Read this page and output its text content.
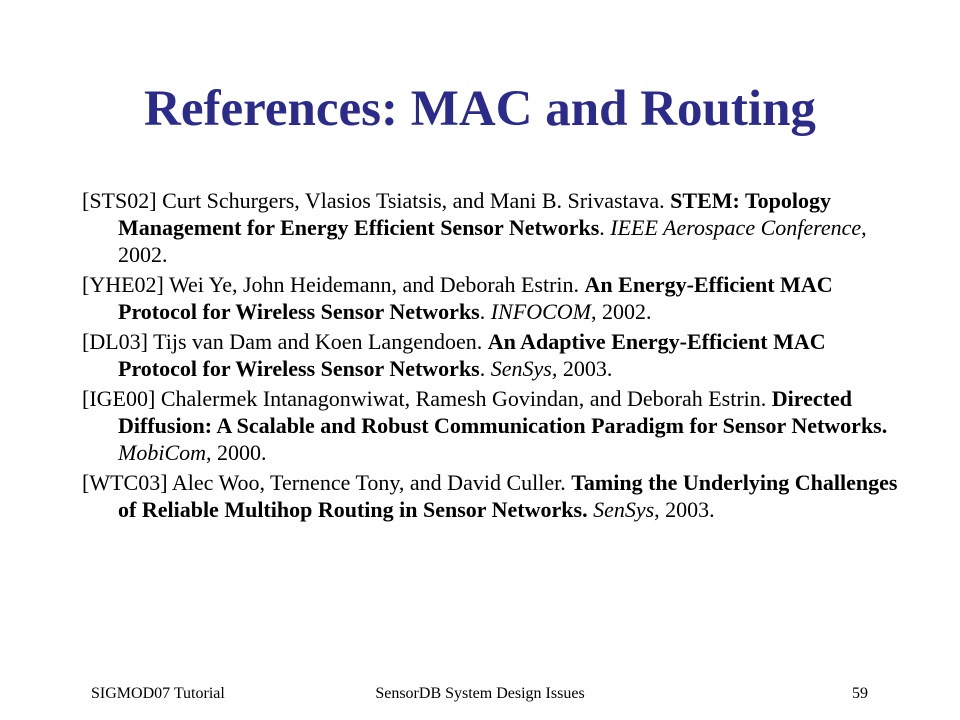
References: MAC and Routing
[STS02] Curt Schurgers, Vlasios Tsiatsis, and Mani B. Srivastava. STEM: Topology Management for Energy Efficient Sensor Networks. IEEE Aerospace Conference, 2002.
[YHE02] Wei Ye, John Heidemann, and Deborah Estrin. An Energy-Efficient MAC Protocol for Wireless Sensor Networks. INFOCOM, 2002.
[DL03] Tijs van Dam and Koen Langendoen. An Adaptive Energy-Efficient MAC Protocol for Wireless Sensor Networks. SenSys, 2003.
[IGE00] Chalermek Intanagonwiwat, Ramesh Govindan, and Deborah Estrin. Directed Diffusion: A Scalable and Robust Communication Paradigm for Sensor Networks. MobiCom, 2000.
[WTC03] Alec Woo, Ternence Tony, and David Culler. Taming the Underlying Challenges of Reliable Multihop Routing in Sensor Networks. SenSys, 2003.
SIGMOD07 Tutorial	SensorDB System Design Issues	59
